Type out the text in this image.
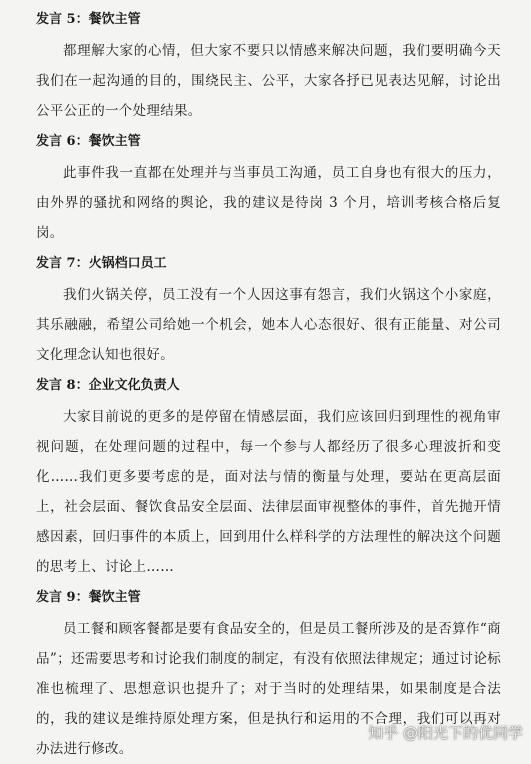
发言 5：餐饮主管

都理解大家的心情，但大家不要只以情感来解决问题，我们要明确今天我们在一起沟通的目的，围绕民主、公平，大家各抒已见表达见解，讨论出公平公正的一个处理结果。

发言 6：餐饮主管

此事件我一直都在处理并与当事员工沟通，员工自身也有很大的压力，由外界的骚扰和网络的舆论，我的建议是待岗 3 个月，培训考核合格后复岗。

发言 7：火锅档口员工

我们火锅关停，员工没有一个人因这事有怨言，我们火锅这个小家庭，其乐融融，希望公司给她一个机会，她本人心态很好、很有正能量、对公司文化理念认知也很好。

发言 8：企业文化负责人

大家目前说的更多的是停留在情感层面，我们应该回归到理性的视角审视问题，在处理问题的过程中，每一个参与人都经历了很多心理波折和变化……我们更多要考虑的是，面对法与情的衡量与处理，要站在更高层面上，社会层面、餐饮食品安全层面、法律层面审视整体的事件，首先抛开情感因素，回归事件的本质上，回到用什么样科学的方法理性的解决这个问题的思考上、讨论上……

发言 9：餐饮主管

员工餐和顾客餐都是要有食品安全的，但是员工餐所涉及的是否算作“商品”；还需要思考和讨论我们制度的制定，有没有依照法律规定；通过讨论标准也梳理了、思想意识也提升了；对于当时的处理结果，如果制度是合法的，我的建议是维持原处理方案，但是执行和运用的不合理，我们可以再对办法进行修改。

知乎 @阳光下的优同学
